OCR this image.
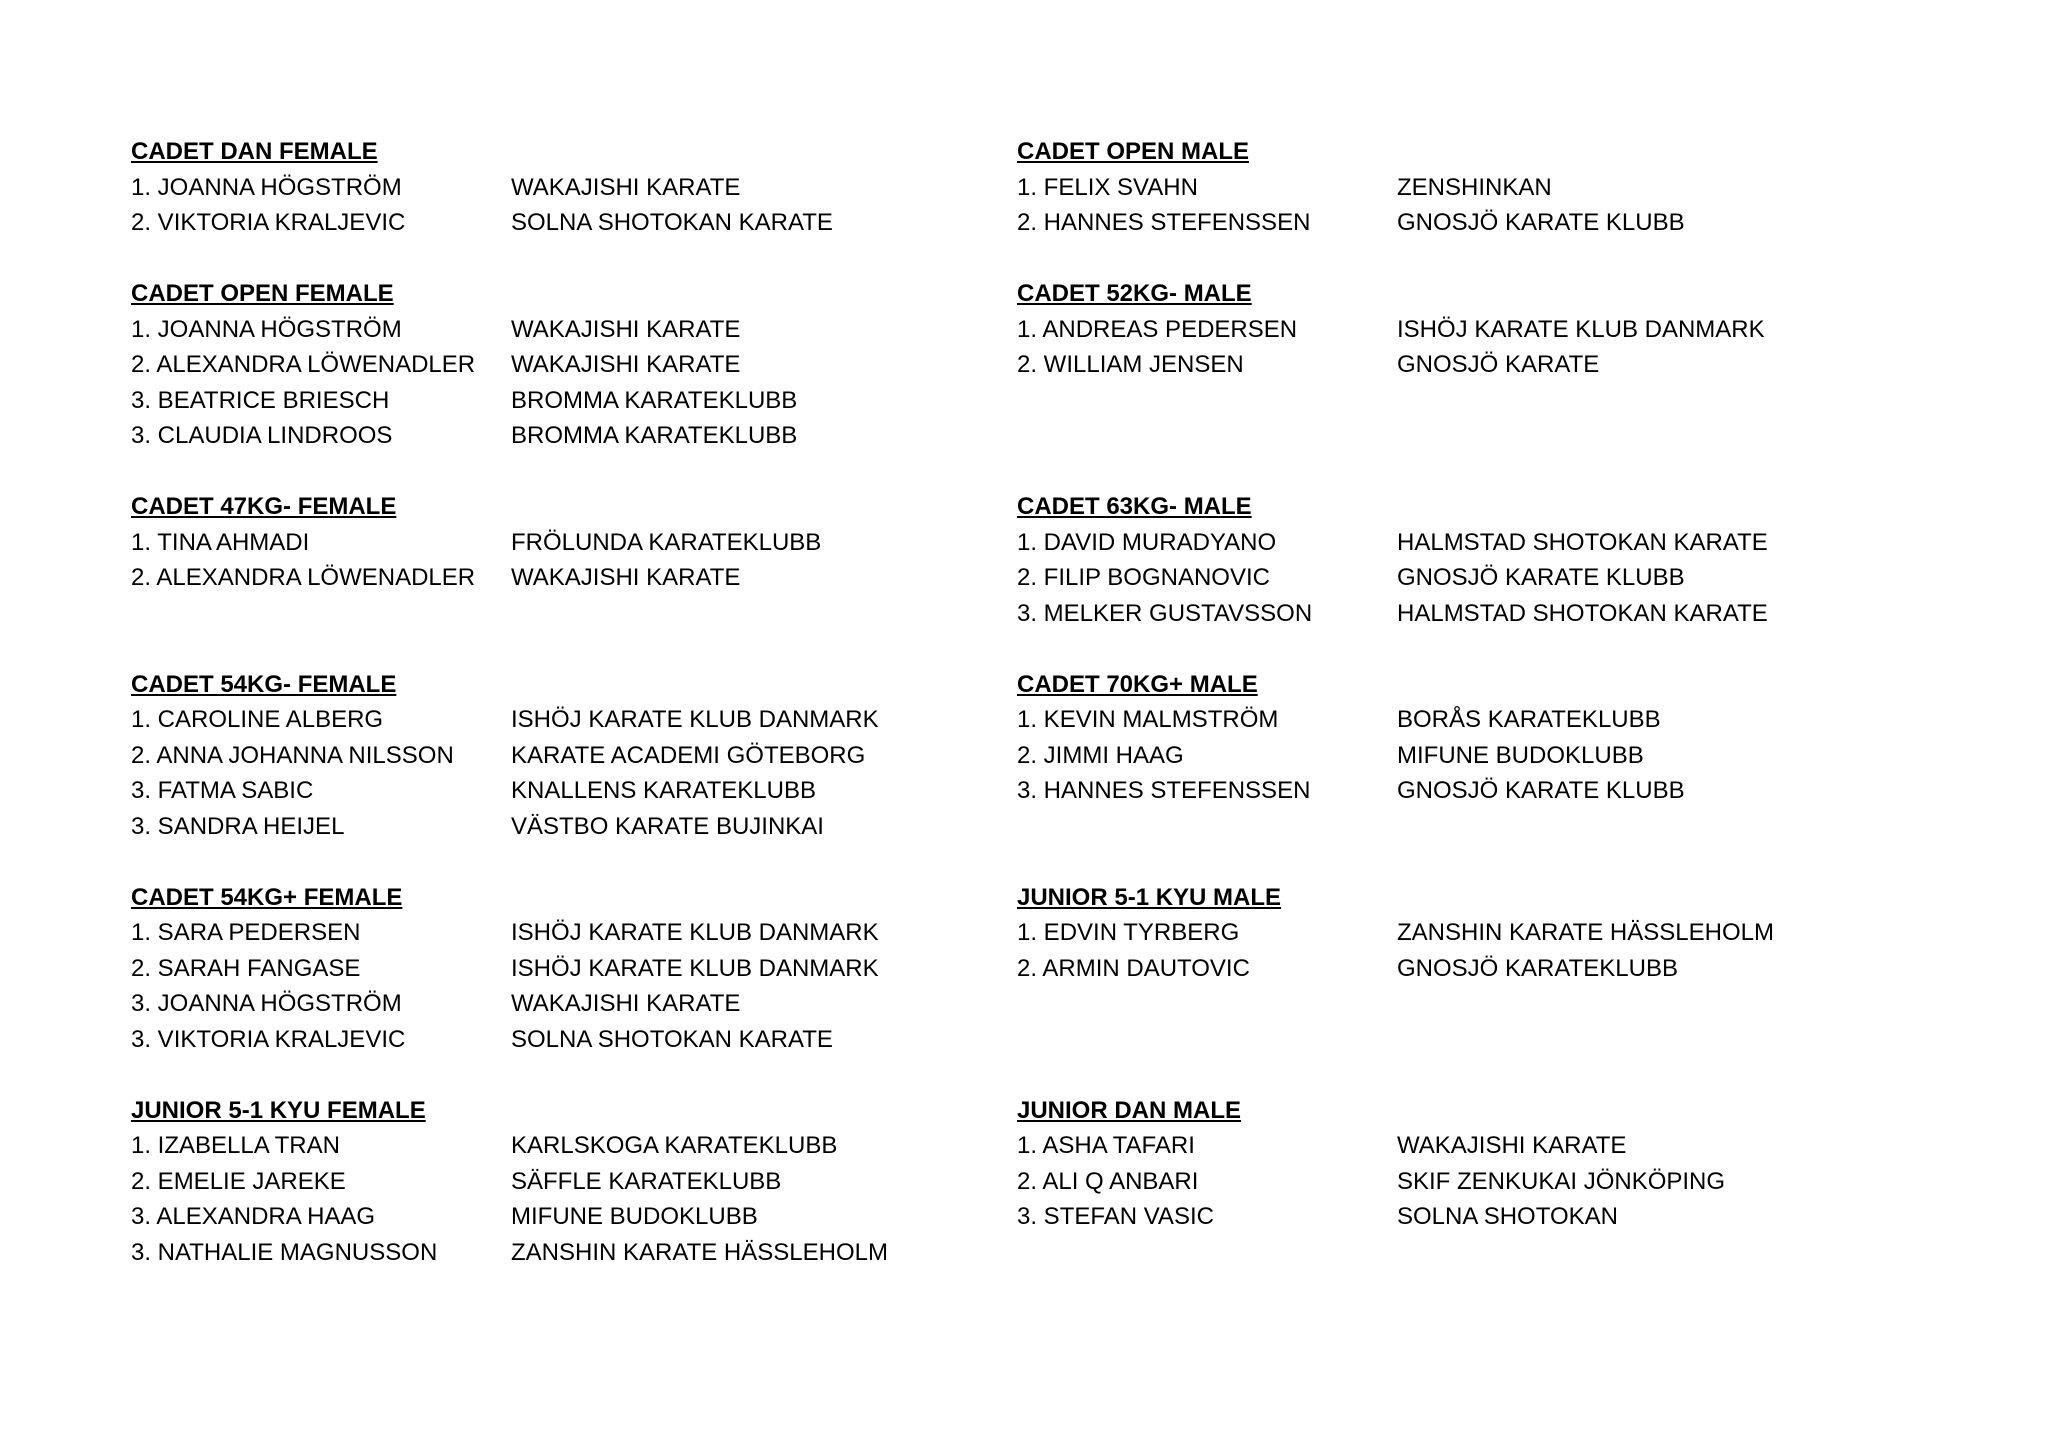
CADET DAN FEMALE
1. JOANNA HÖGSTRÖM	WAKAJISHI KARATE
2. VIKTORIA KRALJEVIC	SOLNA SHOTOKAN KARATE
CADET OPEN FEMALE
1. JOANNA HÖGSTRÖM	WAKAJISHI KARATE
2. ALEXANDRA LÖWENADLER	WAKAJISHI KARATE
3. BEATRICE BRIESCH	BROMMA KARATEKLUBB
3. CLAUDIA LINDROOS	BROMMA KARATEKLUBB
CADET 47KG- FEMALE
1. TINA AHMADI	FRÖLUNDA KARATEKLUBB
2. ALEXANDRA LÖWENADLER	WAKAJISHI KARATE
CADET 54KG- FEMALE
1. CAROLINE ALBERG	ISHÖJ KARATE KLUB DANMARK
2. ANNA JOHANNA NILSSON	KARATE ACADEMI GÖTEBORG
3. FATMA SABIC	KNALLENS KARATEKLUBB
3. SANDRA HEIJEL	VÄSTBO KARATE BUJINKAI
CADET 54KG+ FEMALE
1. SARA PEDERSEN	ISHÖJ KARATE KLUB DANMARK
2. SARAH FANGASE	ISHÖJ KARATE KLUB DANMARK
3. JOANNA HÖGSTRÖM	WAKAJISHI KARATE
3. VIKTORIA KRALJEVIC	SOLNA SHOTOKAN KARATE
JUNIOR 5-1 KYU FEMALE
1. IZABELLA TRAN	KARLSKOGA KARATEKLUBB
2. EMELIE JAREKE	SÄFFLE KARATEKLUBB
3. ALEXANDRA HAAG	MIFUNE BUDOKLUBB
3. NATHALIE MAGNUSSON	ZANSHIN KARATE HÄSSLEHOLM
CADET OPEN MALE
1. FELIX SVAHN	ZENSHINKAN
2. HANNES STEFENSSEN	GNOSJÖ KARATE KLUBB
CADET 52KG- MALE
1. ANDREAS PEDERSEN	ISHÖJ KARATE KLUB DANMARK
2. WILLIAM JENSEN	GNOSJÖ KARATE
CADET 63KG- MALE
1. DAVID MURADYANO	HALMSTAD SHOTOKAN KARATE
2. FILIP BOGNANOVIC	GNOSJÖ KARATE KLUBB
3. MELKER GUSTAVSSON	HALMSTAD SHOTOKAN KARATE
CADET 70KG+ MALE
1. KEVIN MALMSTRÖM	BORÅS KARATEKLUBB
2. JIMMI HAAG	MIFUNE BUDOKLUBB
3. HANNES STEFENSSEN	GNOSJÖ KARATE KLUBB
JUNIOR 5-1 KYU MALE
1. EDVIN TYRBERG	ZANSHIN KARATE HÄSSLEHOLM
2. ARMIN DAUTOVIC	GNOSJÖ KARATEKLUBB
JUNIOR DAN MALE
1. ASHA TAFARI	WAKAJISHI KARATE
2. ALI Q ANBARI	SKIF ZENKUKAI JÖNKÖPING
3. STEFAN VASIC	SOLNA SHOTOKAN
